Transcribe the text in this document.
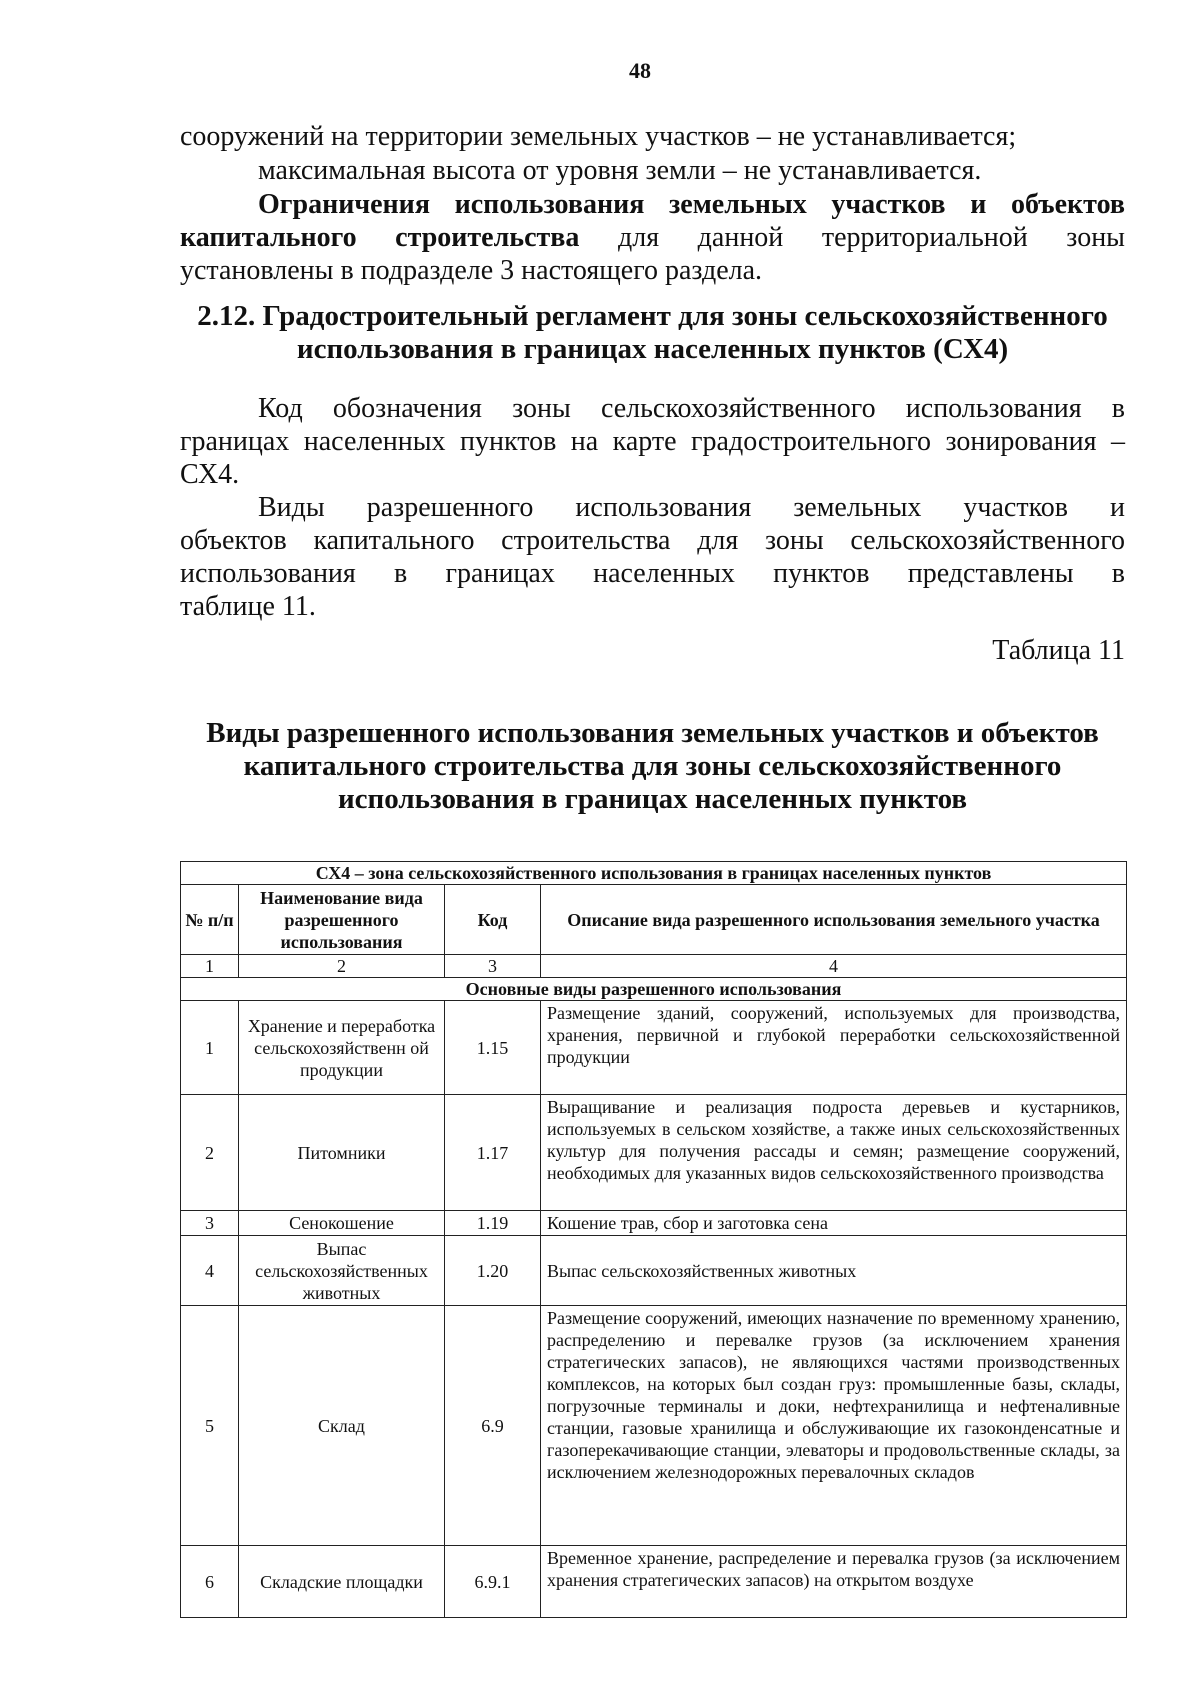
48
сооружений на территории земельных участков – не устанавливается;
максимальная высота от уровня земли – не устанавливается.
Ограничения использования земельных участков и объектов
капитального строительства для данной территориальной зоны
установлены в подразделе 3 настоящего раздела.
2.12. Градостроительный регламент для зоны сельскохозяйственного
использования в границах населенных пунктов (СХ4)
Код обозначения зоны сельскохозяйственного использования в
границах населенных пунктов на карте градостроительного зонирования –
СХ4.
Виды разрешенного использования земельных участков и
объектов капитального строительства для зоны сельскохозяйственного
использования в границах населенных пунктов представлены в
таблице 11.
Таблица 11
Виды разрешенного использования земельных участков и объектов
капитального строительства для зоны сельскохозяйственного
использования в границах населенных пунктов
СХ4 – зона сельскохозяйственного использования в границах населенных пунктов			
№ п/п	Наименование вида разрешенного использования	Код	Описание вида разрешенного использования земельного участка
1	2	3	4
Основные виды разрешенного использования			
1	Хранение и переработка сельскохозяйственн ой продукции	1.15	Размещение зданий, сооружений, используемых для производства, хранения, первичной и глубокой переработки сельскохозяйственной продукции
2	Питомники	1.17	Выращивание и реализация подроста деревьев и кустарников, используемых в сельском хозяйстве, а также иных сельскохозяйственных культур для получения рассады и семян; размещение сооружений, необходимых для указанных видов сельскохозяйственного производства
3	Сенокошение	1.19	Кошение трав, сбор и заготовка сена
4	Выпас сельскохозяйственных животных	1.20	Выпас сельскохозяйственных животных
5	Склад	6.9	Размещение сооружений, имеющих назначение по временному хранению, распределению и перевалке грузов (за исключением хранения стратегических запасов), не являющихся частями производственных комплексов, на которых был создан груз: промышленные базы, склады, погрузочные терминалы и доки, нефтехранилища и нефтеналивные станции, газовые хранилища и обслуживающие их газоконденсатные и газоперекачивающие станции, элеваторы и продовольственные склады, за исключением железнодорожных перевалочных складов
6	Складские площадки	6.9.1	Временное хранение, распределение и перевалка грузов (за исключением хранения стратегических запасов) на открытом воздухе
